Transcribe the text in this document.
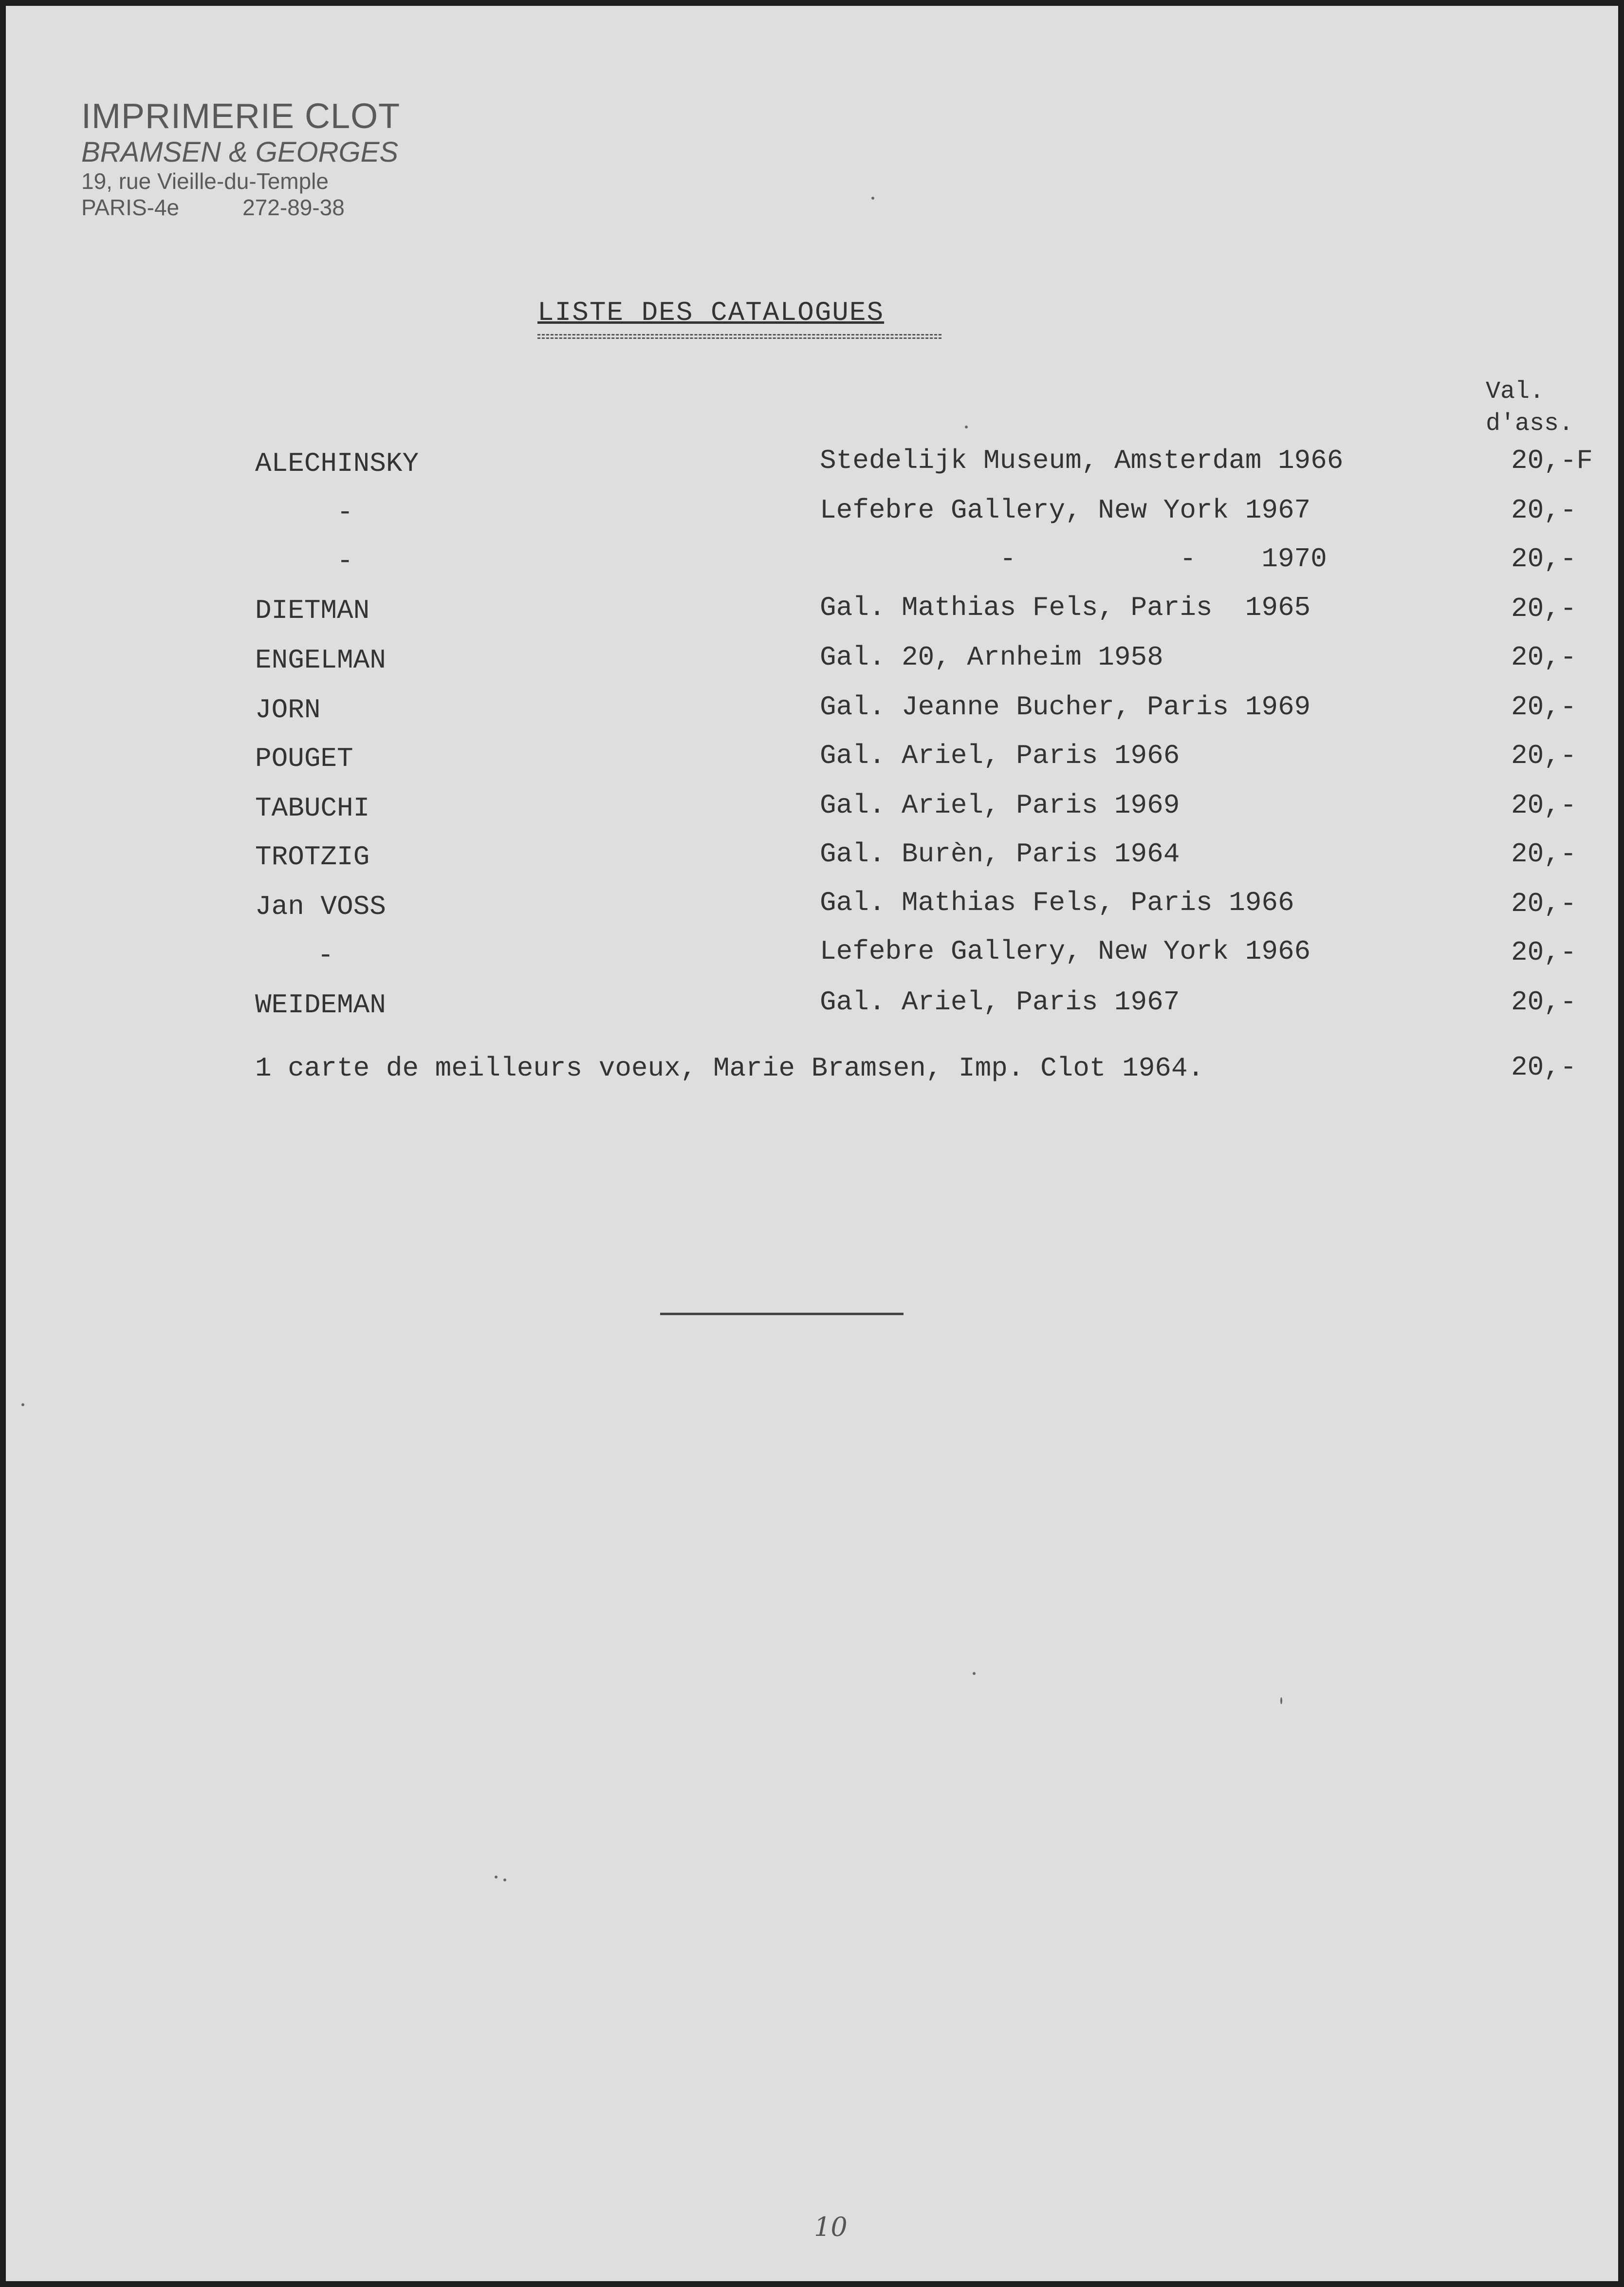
IMPRIMERIE CLOT
BRAMSEN & GEORGES
19, rue Vieille-du-Temple
PARIS-4e	272-89-38
LISTE DES CATALOGUES
Val.
d'ass.
ALECHINSKY	Stedelijk Museum, Amsterdam 1966	20,-F
-	Lefebre Gallery, New York 1967	20,-
-	-          -    1970	20,-
DIETMAN	Gal. Mathias Fels, Paris  1965	20,-
ENGELMAN	Gal. 20, Arnheim 1958	20,-
JORN	Gal. Jeanne Bucher, Paris 1969	20,-
POUGET	Gal. Ariel, Paris 1966	20,-
TABUCHI	Gal. Ariel, Paris 1969	20,-
TROTZIG	Gal. Burèn, Paris 1964	20,-
Jan VOSS	Gal. Mathias Fels, Paris 1966	20,-
-	Lefebre Gallery, New York 1966	20,-
WEIDEMAN	Gal. Ariel, Paris 1967	20,-
1 carte de meilleurs voeux, Marie Bramsen, Imp. Clot 1964.	20,-
10
